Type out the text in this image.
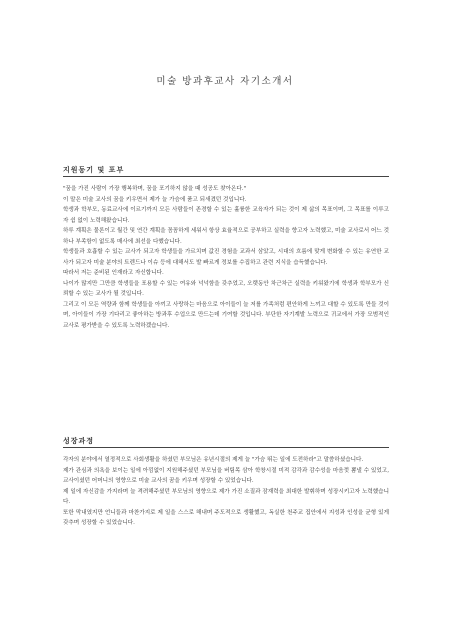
미술 방과후교사 자기소개서
지원동기 및 포부

"꿈을 가진 사람이 가장 행복하며, 꿈을 포기하지 않을 때 성공도 찾아온다."

이 말은 미술 교사의 꿈을 키우면서 제가 늘 가슴에 품고 되새겼던 것입니다.

학생과 학부모, 동료교사에 이르기까지 모든 사람들이 존경할 수 있는 훌륭한 교육자가 되는 것이 제 삶의 목표이며, 그 목표를 이루고자 쉼 없이 노력해왔습니다.

하루 계획은 물론이고 월간 및 연간 계획을 꼼꼼하게 세워서 항상 효율적으로 공부하고 실력을 향고자 노력했고, 미술 교사로서 어느 것 하나 부족함이 없도록 매사에 최선을 다했습니다.

학생들과 호흡할 수 있는 교사가 되고자 학생들을 가르치며 값진 경험을 교과서 삼았고, 시대의 흐름에 맞게 변화할 수 있는 유연한 교사가 되고자 미술 분야의 트렌드나 이슈 등에 대해서도 발 빠르게 정보를 수집하고 관련 지식을 습득했습니다.

따라서 저는 준비된 인재라고 자신합니다.

나이가 많지만 그만큼 학생들을 포용할 수 있는 여유와 넉넉함을 갖추었고, 오랫동안 차근차근 실력을 키워왔기에 학생과 학부모가 신뢰할 수 있는 교사가 될 것입니다.

그리고 이 모든 역량과 함께 학생들을 아끼고 사랑하는 마음으로 아이들이 늘 저를 가족처럼 편안하게 느끼고 대할 수 있도록 만들 것이며, 아이들이 가장 기다리고 좋아하는 방과후 수업으로 만드는데 기여할 것입니다. 부단한 자기계발 노력으로 귀교에서 가장 모범적인 교사로 평가받을 수 있도록 노력하겠습니다.

성장과정

각자의 분야에서 열정적으로 사회생활을 하셨던 부모님은 유년시절의 제게 늘 "가슴 뛰는 일에 도전하라"고 말씀하셨습니다.

제가 관심과 의욕을 보이는 일에 아낌없이 지원해주셨던 부모님을 버팀목 삼아 학창시절 미적 감각과 감수성을 마음껏 뽐낼 수 있었고, 교사이셨던 어머니의 영향으로 미술 교사의 꿈을 키우며 성장할 수 있었습니다.

제 일에 자신감을 가지라며 늘 격려해주셨던 부모님의 영향으로 제가 가진 소질과 잠재력을 최대한 발휘하며 성장시키고자 노력했습니다.

또한 막내였지만 언니들과 마찬가지로 제 일을 스스로 해내며 주도적으로 생활했고, 독실한 천주교 집안에서 지성과 인성을 균형 있게 갖추며 성장할 수 있었습니다.
